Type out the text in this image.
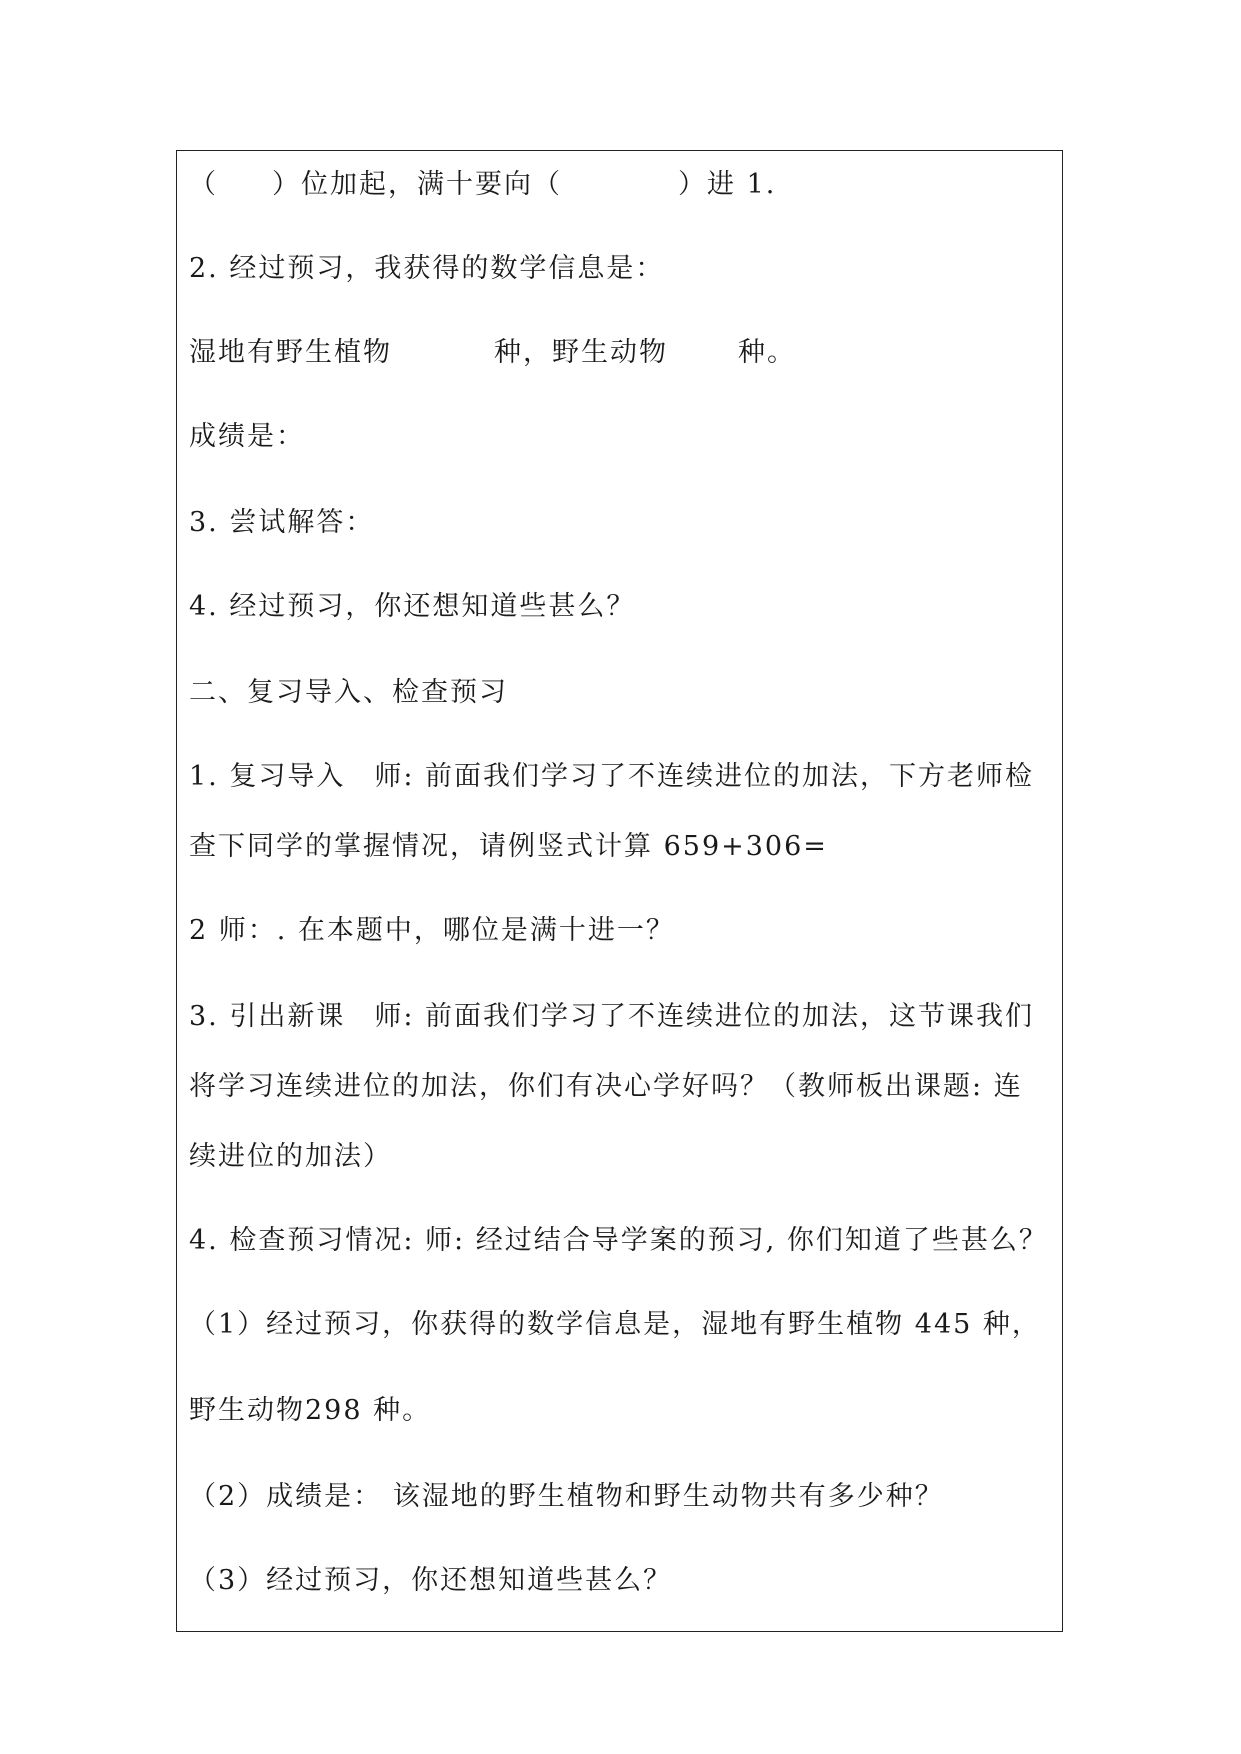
（ ）位加起，满十要向（	）进 1.
2. 经过预习，我获得的数学信息是：
湿地有野生植物	种，野生动物	种。
成绩是：
3. 尝试解答：
4. 经过预习，你还想知道些甚么？
二、复习导入、检查预习
1. 复习导入　师: 前面我们学习了不连续进位的加法，下方老师检
查下同学的掌握情况，请例竖式计算 659+306=
2 师：. 在本题中，哪位是满十进一？
3. 引出新课　师: 前面我们学习了不连续进位的加法，这节课我们
将学习连续进位的加法，你们有决心学好吗？（教师板出课题: 连
续进位的加法）
4. 检查预习情况: 师: 经过结合导学案的预习, 你们知道了些甚么？
（1）经过预习，你获得的数学信息是，湿地有野生植物 445 种，
野生动物298 种。
（2）成绩是： 该湿地的野生植物和野生动物共有多少种？
（3）经过预习，你还想知道些甚么？
